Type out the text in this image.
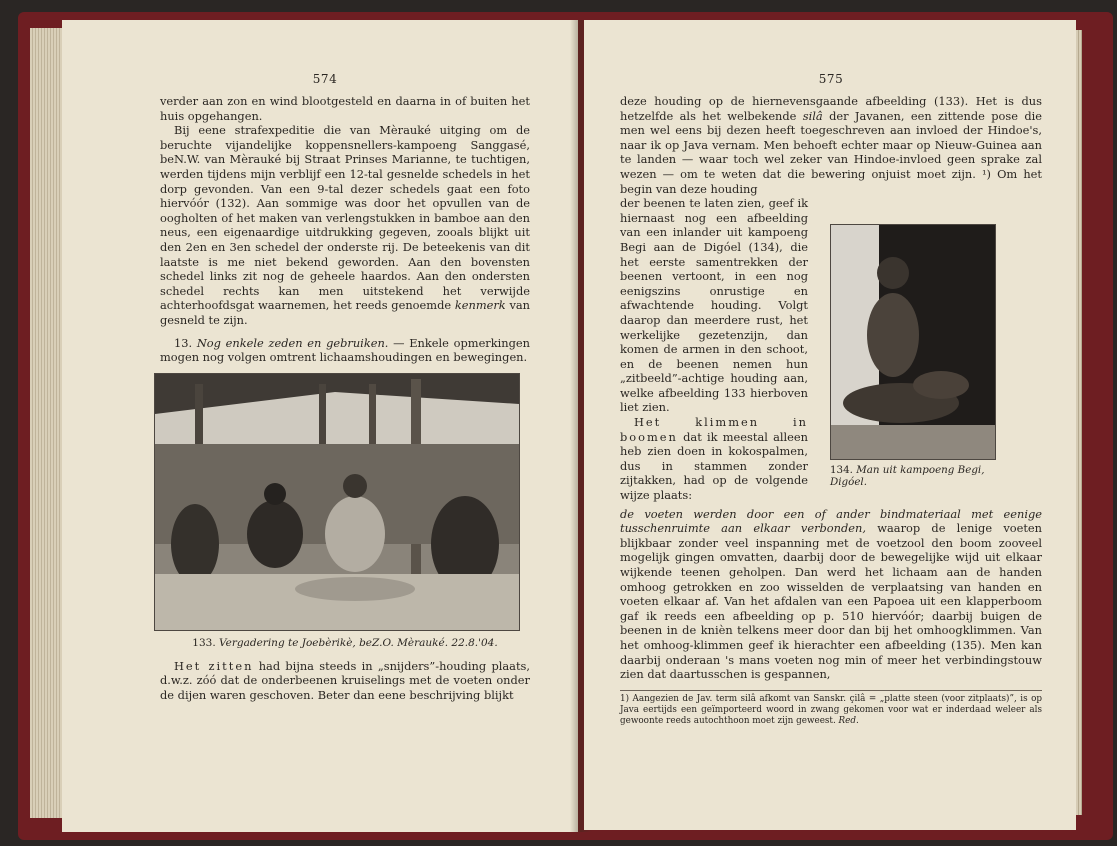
574

verder aan zon en wind blootgesteld en daarna in of buiten het huis opgehangen.

Bij eene strafexpeditie die van Mèrauké uitging om de beruchte vijandelijke koppensnellers-kampoeng Sanggasé, beN.W. van Mèrauké bij Straat Prinses Marianne, te tuchtigen, werden tijdens mijn verblijf een 12-tal gesnelde schedels in het dorp gevonden. Van een 9-tal dezer schedels gaat een foto hiervóór (132). Aan sommige was door het opvullen van de oogholten of het maken van verlengstukken in bamboe aan den neus, een eigenaardige uitdrukking gegeven, zooals blijkt uit den 2en en 3en schedel der onderste rij. De beteekenis van dit laatste is me niet bekend geworden. Aan den bovensten schedel links zit nog de geheele haardos. Aan den ondersten schedel rechts kan men uitstekend het verwijde achterhoofdsgat waarnemen, het reeds genoemde kenmerk van gesneld te zijn.

13. Nog enkele zeden en gebruiken. — Enkele opmerkingen mogen nog volgen omtrent lichaamshoudingen en bewegingen.

133. Vergadering te Joebèrikè, beZ.O. Mèrauké. 22.8.'04.

Het zitten had bijna steeds in „snijders”-houding plaats, d.w.z. zóó dat de onderbeenen kruiselings met de voeten onder de dijen waren geschoven. Beter dan eene beschrijving blijkt

575

deze houding op de hiernevensgaande afbeelding (133). Het is dus hetzelfde als het welbekende silâ der Javanen, een zittende pose die men wel eens bij dezen heeft toegeschreven aan invloed der Hindoe's, naar ik op Java vernam. Men behoeft echter maar op Nieuw-Guinea aan te landen — waar toch wel zeker van Hindoe-invloed geen sprake zal wezen — om te weten dat die bewering onjuist moet zijn. ¹) Om het begin van deze houding

der beenen te laten zien, geef ik hiernaast nog een afbeelding van een inlander uit kampoeng Begi aan de Digóel (134), die het eerste samentrekken der beenen vertoont, in een nog eenigszins onrustige en afwachtende houding. Volgt daarop dan meerdere rust, het werkelijke gezetenzijn, dan komen de armen in den schoot, en de beenen nemen hun „zitbeeld”-achtige houding aan, welke afbeelding 133 hierboven liet zien.

Het klimmen in boomen dat ik meestal alleen heb zien doen in kokospalmen, dus in stammen zonder zijtakken, had op de volgende wijze plaats:

134. Man uit kampoeng Begi, Digóel.

de voeten werden door een of ander bindmateriaal met eenige tusschenruimte aan elkaar verbonden, waarop de lenige voeten blijkbaar zonder veel inspanning met de voetzool den boom zooveel mogelijk gingen omvatten, daarbij door de bewegelijke wijd uit elkaar wijkende teenen geholpen. Dan werd het lichaam aan de handen omhoog getrokken en zoo wisselden de verplaatsing van handen en voeten elkaar af. Van het afdalen van een Papoea uit een klapperboom gaf ik reeds een afbeelding op p. 510 hiervóór; daarbij buigen de beenen in de knièn telkens meer door dan bij het omhoogklimmen. Van het omhoog-klimmen geef ik hierachter een afbeelding (135). Men kan daarbij onderaan 's mans voeten nog min of meer het verbindingstouw zien dat daartusschen is gespannen,

1) Aangezien de Jav. term silâ afkomt van Sanskr. çilâ = „platte steen (voor zitplaats)”, is op Java eertijds een geïmporteerd woord in zwang gekomen voor wat er inderdaad weleer als gewoonte reeds autochthoon moet zijn geweest. Red.
